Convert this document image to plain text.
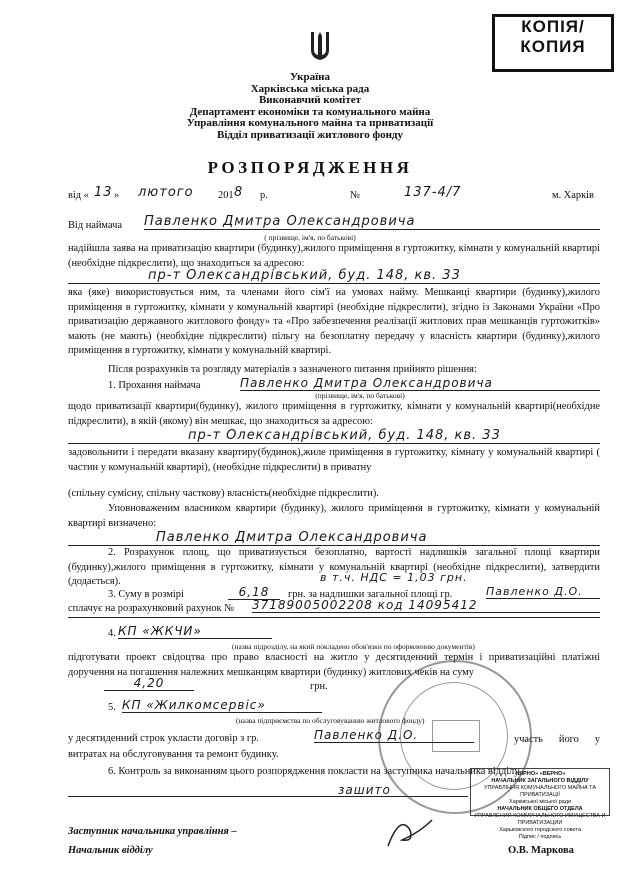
КОПІЯ/
КОПИЯ
Україна
Харківська міська рада
Виконавчий комітет
Департамент економіки та комунального майна
Управління комунального майна та приватизації
Відділ приватизації житлового фонду
РОЗПОРЯДЖЕННЯ
від « 13 » лютого 201 8 р.	№	137-4/7	м. Харків
Від наймача Павленко Дмитра Олександровича
( прізвище, ім'я, по батькові)
надійшла заява на приватизацію квартири (будинку),жилого приміщення в гуртожитку, кімнати у комунальній квартирі (необхідне підкреслити), що знаходиться за адресою:
пр-т Олександрівський, буд. 148, кв. 33
яка (яке) використовується ним, та членами його сім'ї на умовах найму. Мешканці квартири (будинку),жилого приміщення в гуртожитку, кімнати у комунальній квартирі (необхідне підкреслити), згідно із Законами України «Про приватизацію державного житлового фонду» та «Про забезпечення реалізації житлових прав мешканців гуртожитків» мають (не мають) (необхідне підкреслити) пільгу на безоплатну передачу у власність квартири (будинку),жилого приміщення в гуртожитку, кімнати у комунальній квартирі.
Після розрахунків та розгляду матеріалів з зазначеного питання прийнято рішення:
1. Прохання наймача	Павленко Дмитра Олександровича
(прізвище, ім'я, по батькові)
щодо приватизації квартири(будинку), жилого приміщення в гуртожитку, кімнати у комунальній квартирі(необхідне підкреслити), в якій (якому) він мешкає, що знаходиться за адресою:
пр-т Олександрівський, буд. 148, кв. 33
задовольнити і передати вказану квартиру(будинок),жиле приміщення в гуртожитку, кімнату у комунальній квартирі ( частин у комунальній квартирі), (необхідне підкреслити) в приватну
(спільну сумісну, спільну часткову) власність(необхідне підкреслити).
Уповноваженим власником квартири (будинку), жилого приміщення в гуртожитку, кімнати у комунальній квартирі визначено:
Павленко Дмитра Олександровича
2. Розрахунок площ, що приватизується безоплатно, вартості надлишків загальної площі квартири (будинку),жилого приміщення в гуртожитку, кімнати у комунальній квартирі (необхідне підкреслити), затвердити (додається).	в т.ч. НДС = 1,03 грн.
3. Суму в розмірі	6,18	грн. за надлишки загальної площі гр.	Павленко Д.О.
сплачує на розрахунковий рахунок № 37189005002208 код 14095412
4. КП «ЖКЧИ»
(назва підрозділу, на який покладено обов'язки по оформленню документів)
підготувати проект свідоцтва про право власності на житло у десятиденний термін і приватизаційні платіжні доручення на погашення належних мешканцям квартири (будинку) житлових чеків на суму
4,20	грн.
5. КП «Жилкомсервіс»
(назва підприємства по обслуговуванню житлового фонду)
у десятиденний строк укласти договір з гр.	Павленко Д.О.	участь його у витратах на обслуговування та ремонт будинку.
6. Контроль за виконанням цього розпорядження покласти на заступника начальника відділу
зашито
«ВІРНО» «ВЕРНО»
НАЧАЛЬНИК ЗАГАЛЬНОГО ВІДДІЛУ
УПРАВЛІННЯ КОМУНАЛЬНОГО МАЙНА ТА ПРИВАТИЗАЦІЇ
Харківської міської ради
НАЧАЛЬНИК ОБЩЕГО ОТДЕЛА
УПРАВЛЕНИЯ КОММУНАЛЬНОГО ИМУЩЕСТВА И ПРИВАТИЗАЦИИ
Харьковского городского совета
Підпис / подпись
Заступник начальника управління –
Начальник відділу	О.В. Маркова
